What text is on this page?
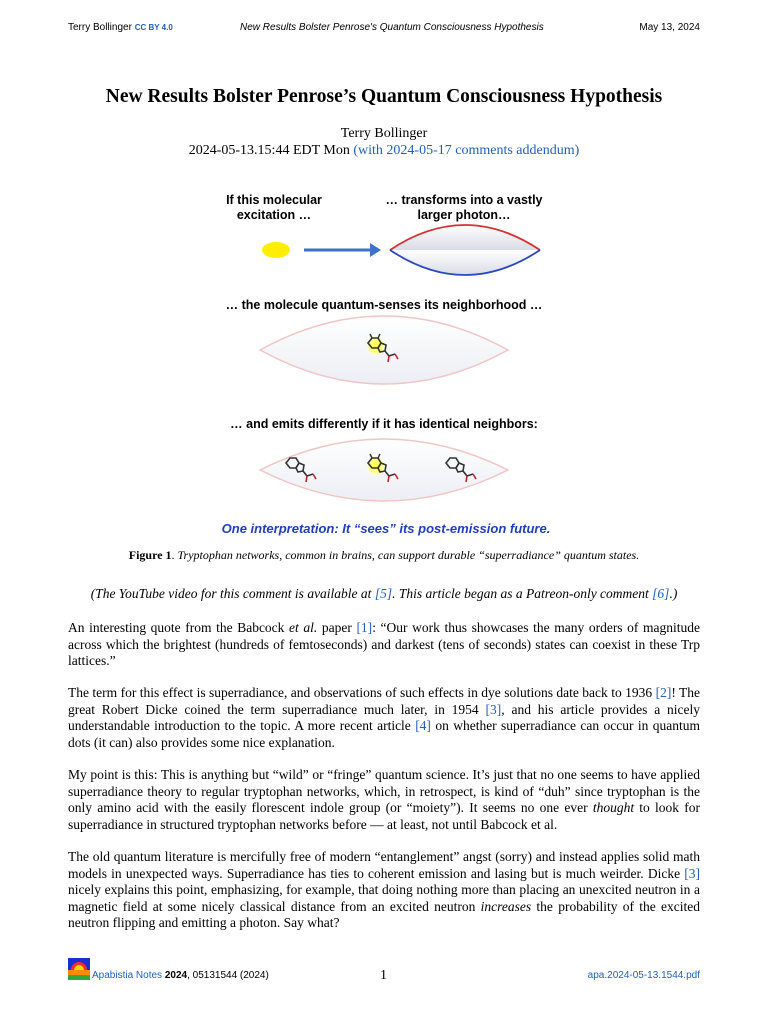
Terry Bollinger CC BY 4.0	New Results Bolster Penrose's Quantum Consciousness Hypothesis	May 13, 2024
New Results Bolster Penrose’s Quantum Consciousness Hypothesis
Terry Bollinger
2024-05-13.15:44 EDT Mon (with 2024-05-17 comments addendum)
If this molecular
excitation …
… transforms into a vastly
larger photon…
… the molecule quantum-senses its neighborhood …
… and emits differently if it has identical neighbors:
One interpretation: It “sees” its post-emission future.
Figure 1. Tryptophan networks, common in brains, can support durable “superradiance” quantum states.
(The YouTube video for this comment is available at [5]. This article began as a Patreon-only comment [6].)
An interesting quote from the Babcock et al. paper [1]: “Our work thus showcases the many orders of magnitude across which the brightest (hundreds of femtoseconds) and darkest (tens of seconds) states can coexist in these Trp lattices.”
The term for this effect is superradiance, and observations of such effects in dye solutions date back to 1936 [2]! The great Robert Dicke coined the term superradiance much later, in 1954 [3], and his article provides a nicely understandable introduction to the topic. A more recent article [4] on whether superradiance can occur in quantum dots (it can) also provides some nice explanation.
My point is this: This is anything but “wild” or “fringe” quantum science. It’s just that no one seems to have applied superradiance theory to regular tryptophan networks, which, in retrospect, is kind of “duh” since tryptophan is the only amino acid with the easily florescent indole group (or “moiety”). It seems no one ever thought to look for superradiance in structured tryptophan networks before — at least, not until Babcock et al.
The old quantum literature is mercifully free of modern “entanglement” angst (sorry) and instead applies solid math models in unexpected ways. Superradiance has ties to coherent emission and lasing but is much weirder. Dicke [3] nicely explains this point, emphasizing, for example, that doing nothing more than placing an unexcited neutron in a magnetic field at some nicely classical distance from an excited neutron increases the probability of the excited neutron flipping and emitting a photon. Say what?
Apabistia Notes 2024, 05131544 (2024)	1	apa.2024-05-13.1544.pdf
